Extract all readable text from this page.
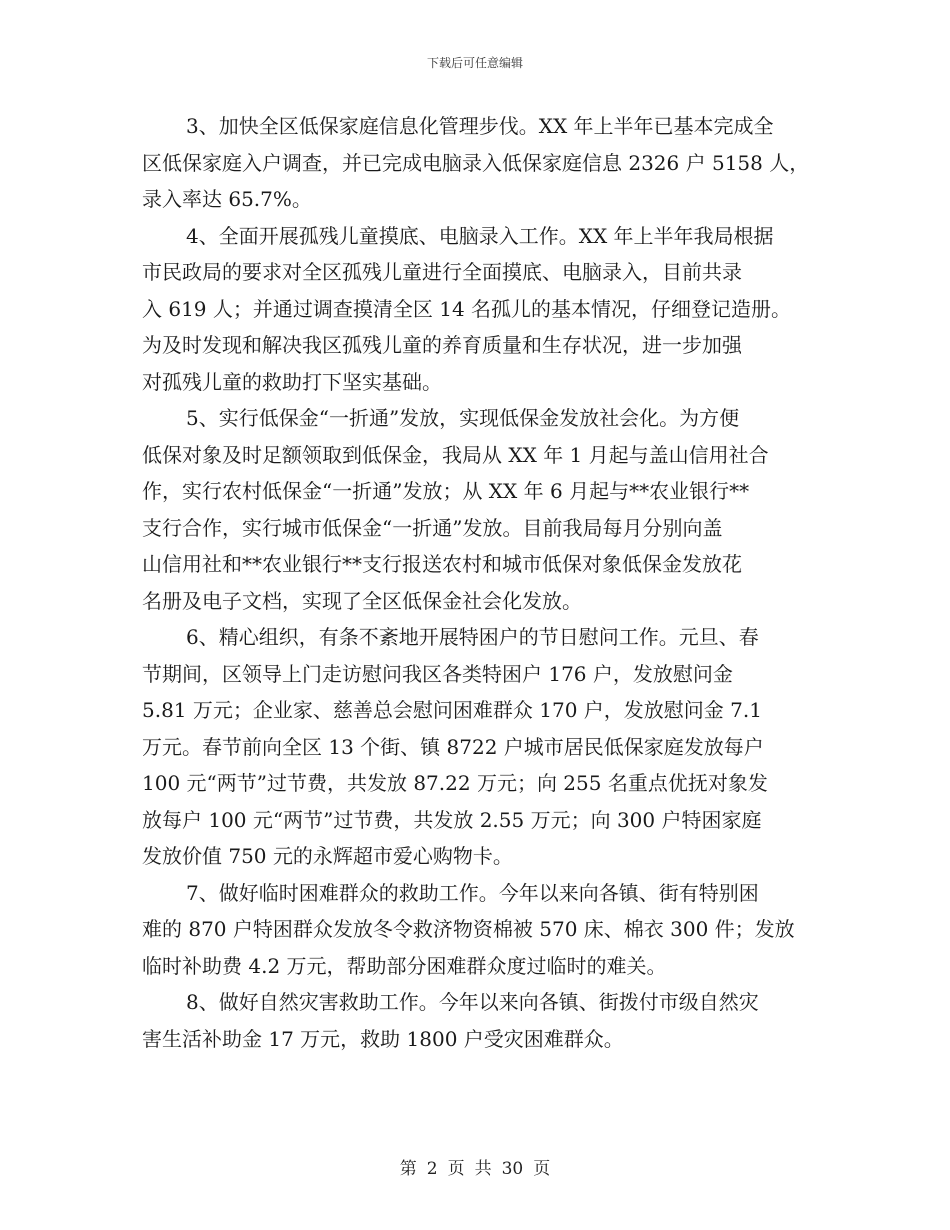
下载后可任意编辑
3、加快全区低保家庭信息化管理步伐。XX 年上半年已基本完成全
区低保家庭入户调查，并已完成电脑录入低保家庭信息 2326 户 5158 人，
录入率达 65.7%。
4、全面开展孤残儿童摸底、电脑录入工作。XX 年上半年我局根据
市民政局的要求对全区孤残儿童进行全面摸底、电脑录入，目前共录
入 619 人；并通过调查摸清全区 14 名孤儿的基本情况，仔细登记造册。
为及时发现和解决我区孤残儿童的养育质量和生存状况，进一步加强
对孤残儿童的救助打下坚实基础。
5、实行低保金“一折通”发放，实现低保金发放社会化。为方便
低保对象及时足额领取到低保金，我局从 XX 年 1 月起与盖山信用社合
作，实行农村低保金“一折通”发放；从 XX 年 6 月起与**农业银行**
支行合作，实行城市低保金“一折通”发放。目前我局每月分别向盖
山信用社和**农业银行**支行报送农村和城市低保对象低保金发放花
名册及电子文档，实现了全区低保金社会化发放。
6、精心组织，有条不紊地开展特困户的节日慰问工作。元旦、春
节期间，区领导上门走访慰问我区各类特困户 176 户，发放慰问金
5.81 万元；企业家、慈善总会慰问困难群众 170 户，发放慰问金 7.1
万元。春节前向全区 13 个街、镇 8722 户城市居民低保家庭发放每户
100 元“两节”过节费，共发放 87.22 万元；向 255 名重点优抚对象发
放每户 100 元“两节”过节费，共发放 2.55 万元；向 300 户特困家庭
发放价值 750 元的永辉超市爱心购物卡。
7、做好临时困难群众的救助工作。今年以来向各镇、街有特别困
难的 870 户特困群众发放冬令救济物资棉被 570 床、棉衣 300 件；发放
临时补助费 4.2 万元，帮助部分困难群众度过临时的难关。
8、做好自然灾害救助工作。今年以来向各镇、街拨付市级自然灾
害生活补助金 17 万元，救助 1800 户受灾困难群众。
第 2 页 共 30 页
